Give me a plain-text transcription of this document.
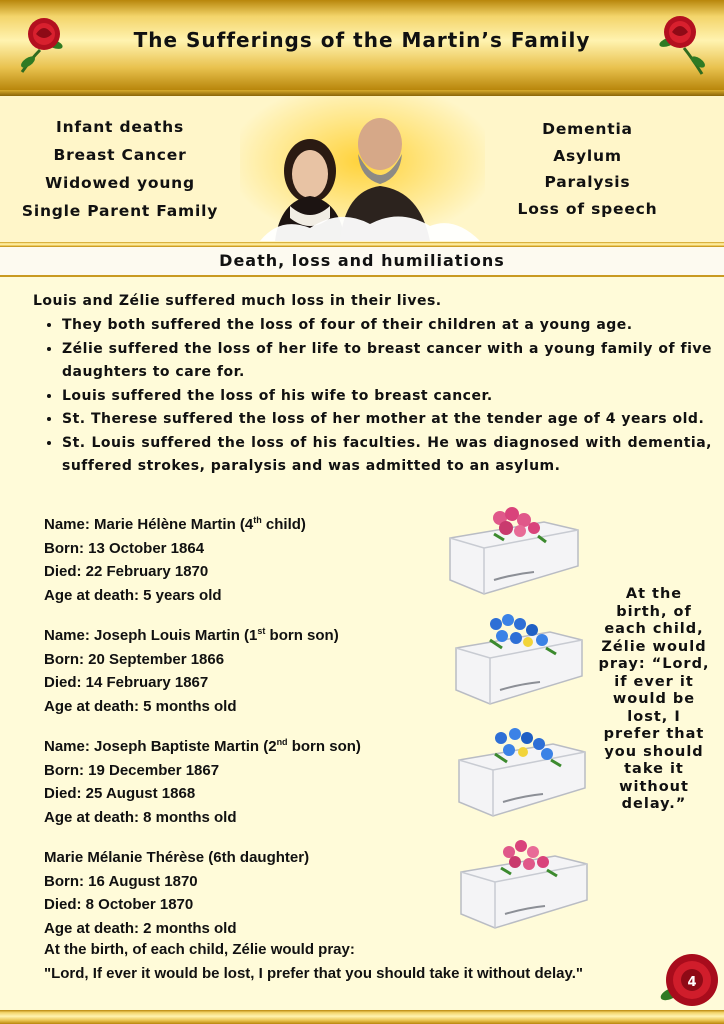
The Sufferings of the Martin’s Family
Infant deaths
Breast Cancer
Widowed young
Single Parent Family
Dementia
Asylum
Paralysis
Loss of speech
Death, loss and humiliations
Louis and Zélie suffered much loss in their lives.
• They both suffered the loss of four of their children at a young age.
• Zélie suffered the loss of her life to breast cancer with a young family of five daughters to care for.
• Louis suffered the loss of his wife to breast cancer.
• St. Therese suffered the loss of her mother at the tender age of 4 years old.
• St. Louis suffered the loss of his faculties. He was diagnosed with dementia, suffered strokes, paralysis and was admitted to an asylum.
Name: Marie Hélène Martin (4th child)
Born: 13 October 1864
Died: 22 February 1870
Age at death: 5 years old
Name: Joseph Louis Martin (1st born son)
Born: 20 September 1866
Died: 14 February 1867
Age at death: 5 months old
Name: Joseph Baptiste Martin (2nd born son)
Born: 19 December 1867
Died: 25 August 1868
Age at death: 8 months old
Marie Mélanie Thérèse (6th daughter)
Born: 16 August 1870
Died: 8 October 1870
Age at death: 2 months old
At the birth, of each child, Zélie would pray: “Lord, if ever it would be lost, I prefer that you should take it without delay.”
At the birth, of each child, Zélie would pray:
"Lord, If ever it would be lost, I prefer that you should take it without delay."
4
